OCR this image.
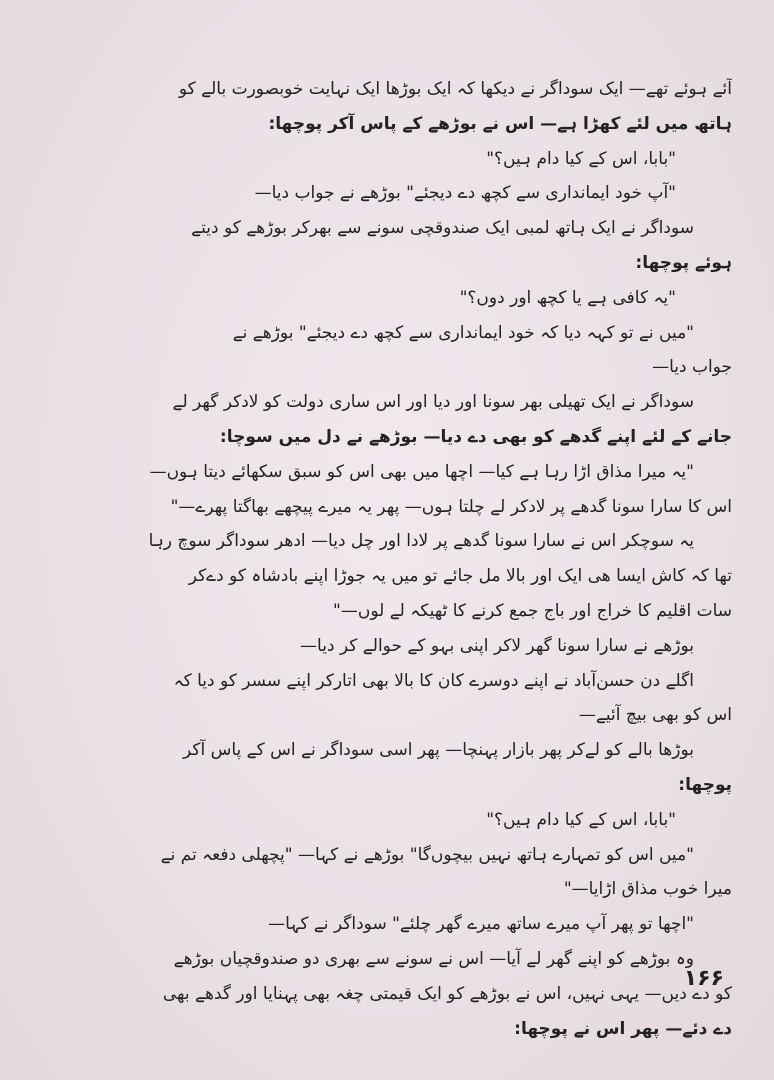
آئے ہوئے تھے— ایک سوداگر نے دیکھا کہ ایک بوڑھا ایک نہایت خوبصورت بالے کو
ہاتھ میں لئے کھڑا ہے— اس نے بوڑھے کے پاس آکر پوچھا:
"بابا، اس کے کیا دام ہیں؟"
"آپ خود ایمانداری سے کچھ دے دیجئے" بوڑھے نے جواب دیا—
سوداگر نے ایک ہاتھ لمبی ایک صندوقچی سونے سے بھرکر بوڑھے کو دیتے
ہوئے پوچھا:
"یہ کافی ہے یا کچھ اور دوں؟"
"میں نے تو کہہ دیا کہ خود ایمانداری سے کچھ دے دیجئے" بوڑھے نے
جواب دیا—
سوداگر نے ایک تھیلی بھر سونا اور دیا اور اس ساری دولت کو لادکر گھر لے
جانے کے لئے اپنے گدھے کو بھی دے دیا— بوڑھے نے دل میں سوچا:
"یہ میرا مذاق اڑا رہا ہے کیا— اچھا میں بھی اس کو سبق سکھائے دیتا ہوں—
اس کا سارا سونا گدھے پر لادکر لے چلتا ہوں— پھر یہ میرے پیچھے بھاگتا پھرے—"
یہ سوچکر اس نے سارا سونا گدھے پر لادا اور چل دیا— ادھر سوداگر سوچ رہا
تھا کہ کاش ایسا ھی ایک اور بالا مل جائے تو میں یہ جوڑا اپنے بادشاہ کو دےکر
سات اقلیم کا خراج اور باج جمع کرنے کا ٹھیکہ لے لوں—"
بوڑھے نے سارا سونا گھر لاکر اپنی بہو کے حوالے کر دیا—
اگلے دن حسن‌آباد نے اپنے دوسرے کان کا بالا بھی اتارکر اپنے سسر کو دیا کہ
اس کو بھی بیچ آئیے—
بوڑھا بالے کو لےکر پھر بازار پہنچا— پھر اسی سوداگر نے اس کے پاس آکر
پوچھا:
"بابا، اس کے کیا دام ہیں؟"
"میں اس کو تمہارے ہاتھ نہیں بیچوں‌گا" بوڑھے نے کہا— "پچھلی دفعہ تم نے
میرا خوب مذاق اڑایا—"
"اچھا تو پھر آپ میرے ساتھ میرے گھر چلئے" سوداگر نے کہا—
وہ بوڑھے کو اپنے گھر لے آیا— اس نے سونے سے بھری دو صندوقچیاں بوڑھے
کو دے دیں— یہی نہیں، اس نے بوڑھے کو ایک قیمتی چغہ بھی پہنایا اور گدھے بھی
دے دئے— پھر اس نے پوچھا:
۱۶۶
